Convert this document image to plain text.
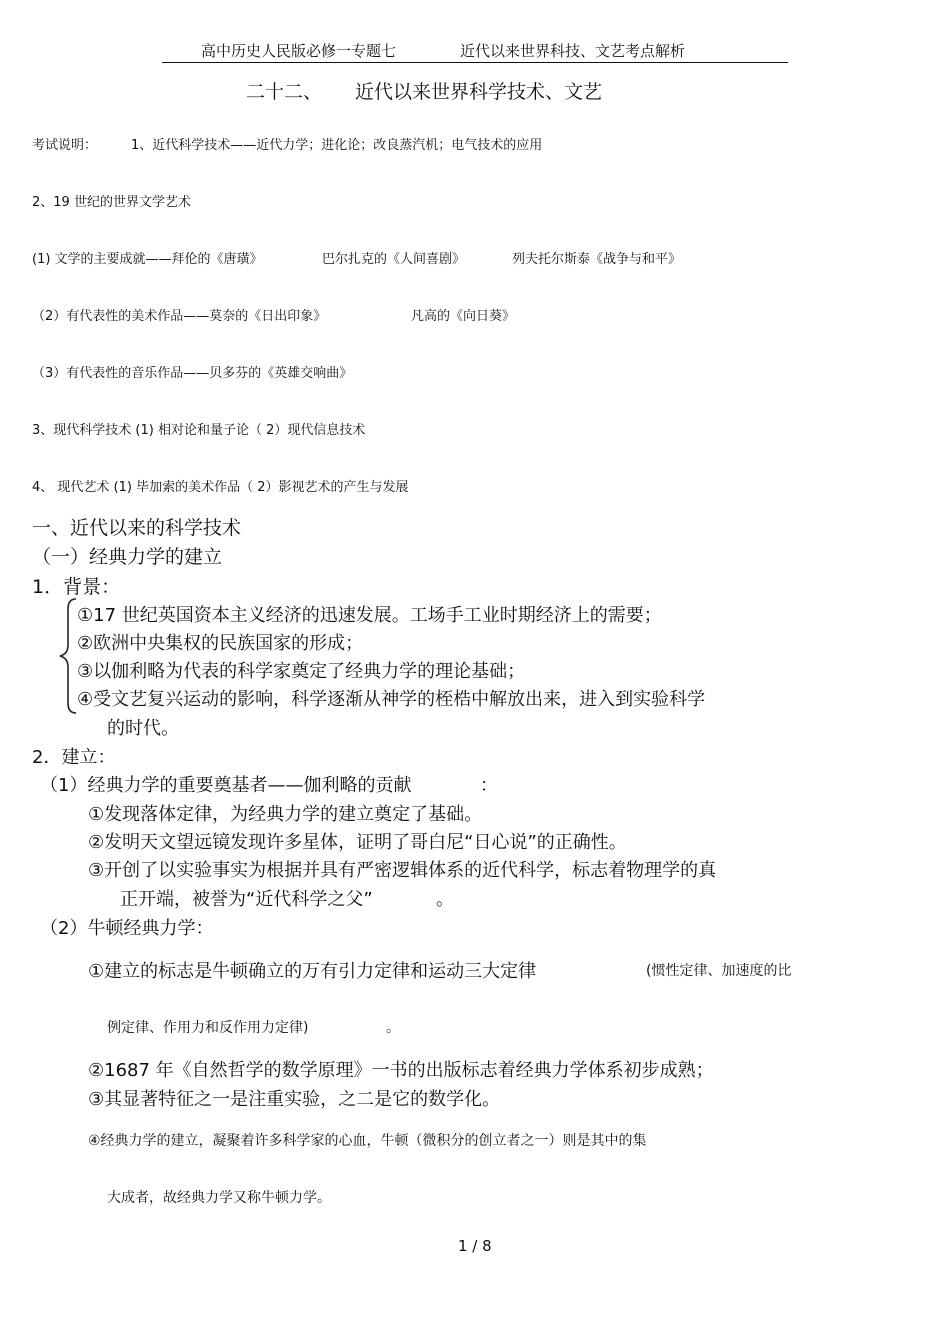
高中历史人民版必修一专题七	近代以来世界科技、文艺考点解析
二十二、 近代以来世界科学技术、文艺
考试说明：	1、近代科学技术——近代力学；进化论；改良蒸汽机；电气技术的应用
2、19 世纪的世界文学艺术
(1) 文学的主要成就——拜伦的《唐璜》	巴尔扎克的《人间喜剧》	列夫托尔斯泰《战争与和平》
（2）有代表性的美术作品——莫奈的《日出印象》	凡高的《向日葵》
（3）有代表性的音乐作品——贝多芬的《英雄交响曲》
3、现代科学技术 (1) 相对论和量子论（ 2）现代信息技术
4、 现代艺术 (1) 毕加索的美术作品（ 2）影视艺术的产生与发展
一、近代以来的科学技术
（一）经典力学的建立
1．背景：
①17 世纪英国资本主义经济的迅速发展。工场手工业时期经济上的需要；
②欧洲中央集权的民族国家的形成；
③以伽利略为代表的科学家奠定了经典力学的理论基础；
④受文艺复兴运动的影响，科学逐渐从神学的桎梏中解放出来，进入到实验科学
的时代。
2．建立：
（1）经典力学的重要奠基者——伽利略的贡献	：
①发现落体定律，为经典力学的建立奠定了基础。
②发明天文望远镜发现许多星体，证明了哥白尼“日心说”的正确性。
③开创了以实验事实为根据并具有严密逻辑体系的近代科学，标志着物理学的真
正开端，被誉为“近代科学之父”	。
（2）牛顿经典力学：
①建立的标志是牛顿确立的万有引力定律和运动三大定律	(惯性定律、加速度的比
例定律、作用力和反作用力定律)	。
②1687 年《自然哲学的数学原理》一书的出版标志着经典力学体系初步成熟；
③其显著特征之一是注重实验，之二是它的数学化。
④经典力学的建立，凝聚着许多科学家的心血，牛顿（微积分的创立者之一）则是其中的集
大成者，故经典力学又称牛顿力学。
1 / 8
